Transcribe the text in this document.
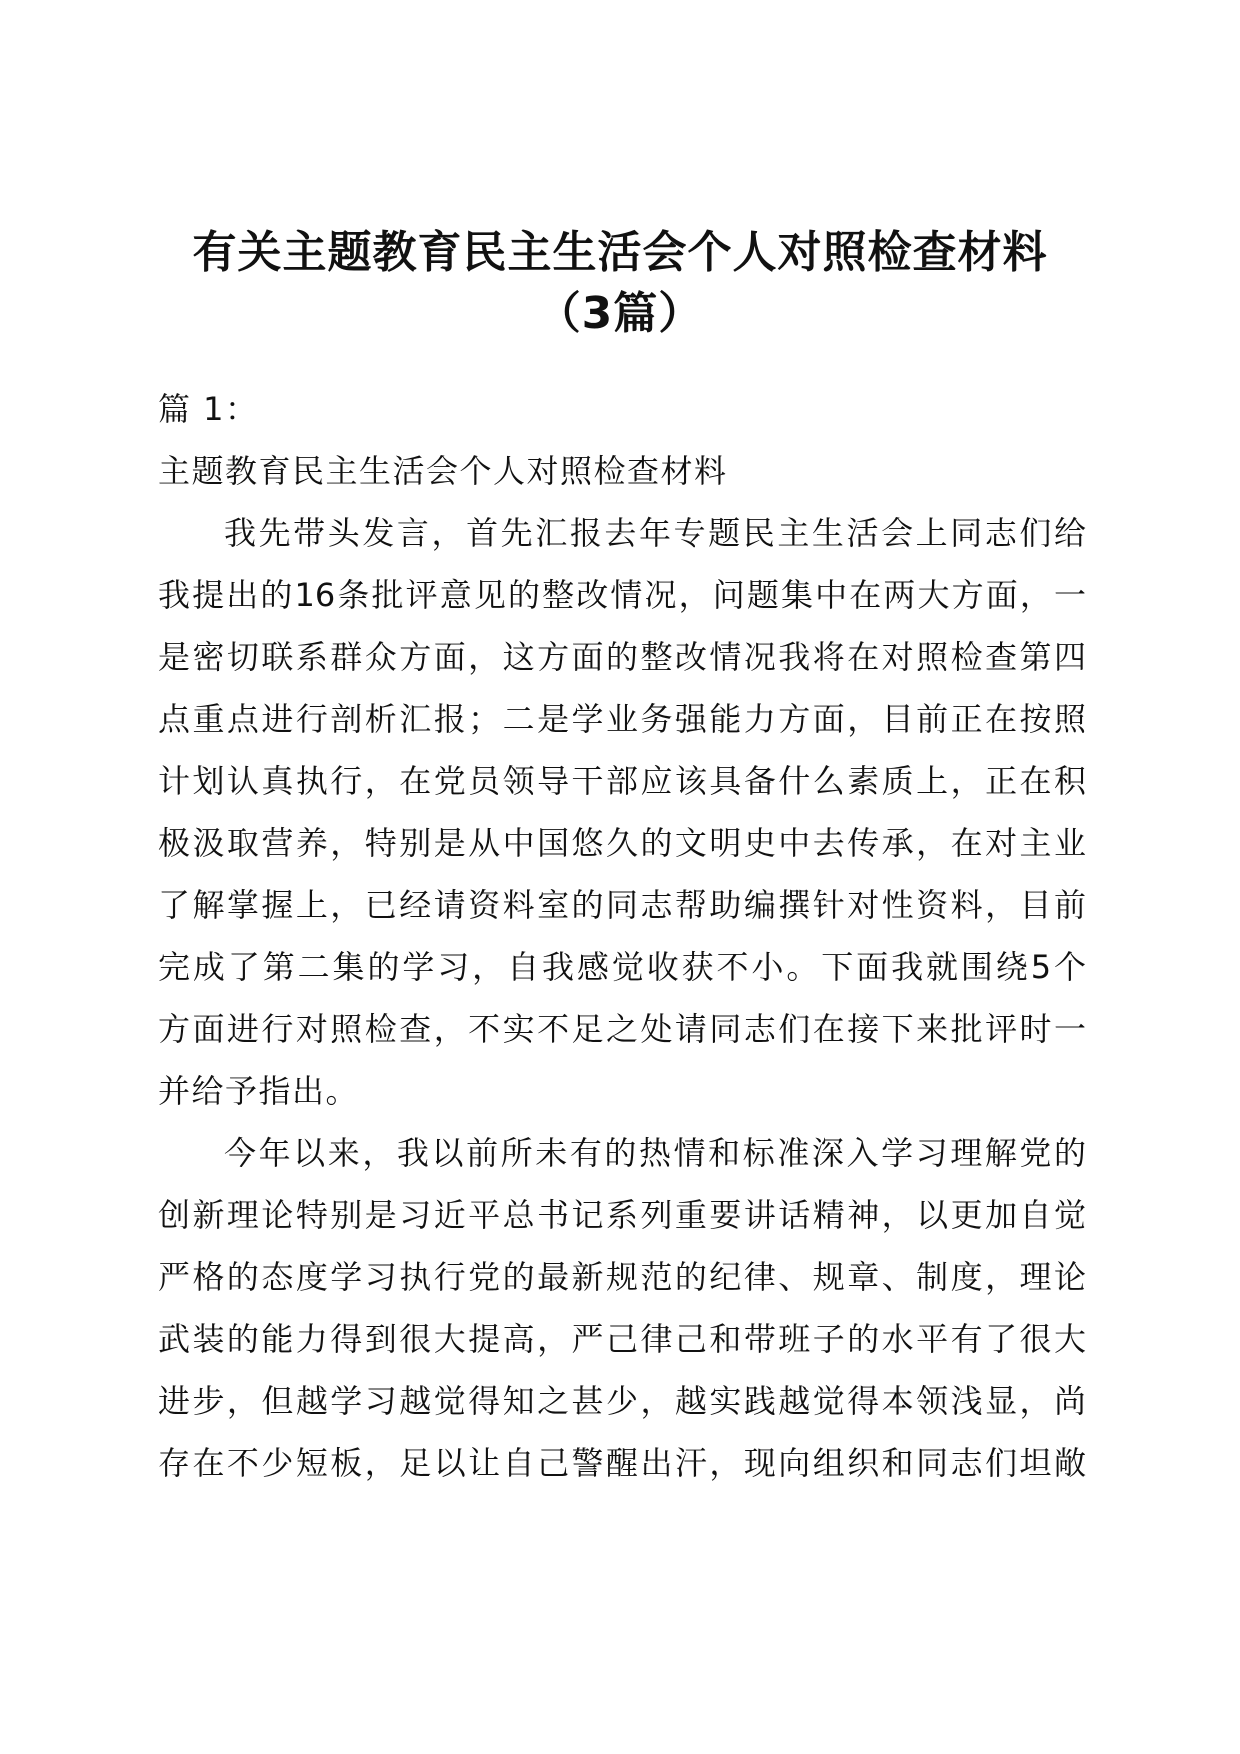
有关主题教育民主生活会个人对照检查材料
（3篇）

篇 1：

主题教育民主生活会个人对照检查材料

我先带头发言，首先汇报去年专题民主生活会上同志们给

我提出的16条批评意见的整改情况，问题集中在两大方面，一

是密切联系群众方面，这方面的整改情况我将在对照检查第四

点重点进行剖析汇报；二是学业务强能力方面，目前正在按照

计划认真执行，在党员领导干部应该具备什么素质上，正在积

极汲取营养，特别是从中国悠久的文明史中去传承，在对主业

了解掌握上，已经请资料室的同志帮助编撰针对性资料，目前

完成了第二集的学习，自我感觉收获不小。下面我就围绕5个

方面进行对照检查，不实不足之处请同志们在接下来批评时一

并给予指出。

今年以来，我以前所未有的热情和标准深入学习理解党的

创新理论特别是习近平总书记系列重要讲话精神，以更加自觉

严格的态度学习执行党的最新规范的纪律、规章、制度，理论

武装的能力得到很大提高，严己律己和带班子的水平有了很大

进步，但越学习越觉得知之甚少，越实践越觉得本领浅显，尚

存在不少短板，足以让自己警醒出汗，现向组织和同志们坦敞
